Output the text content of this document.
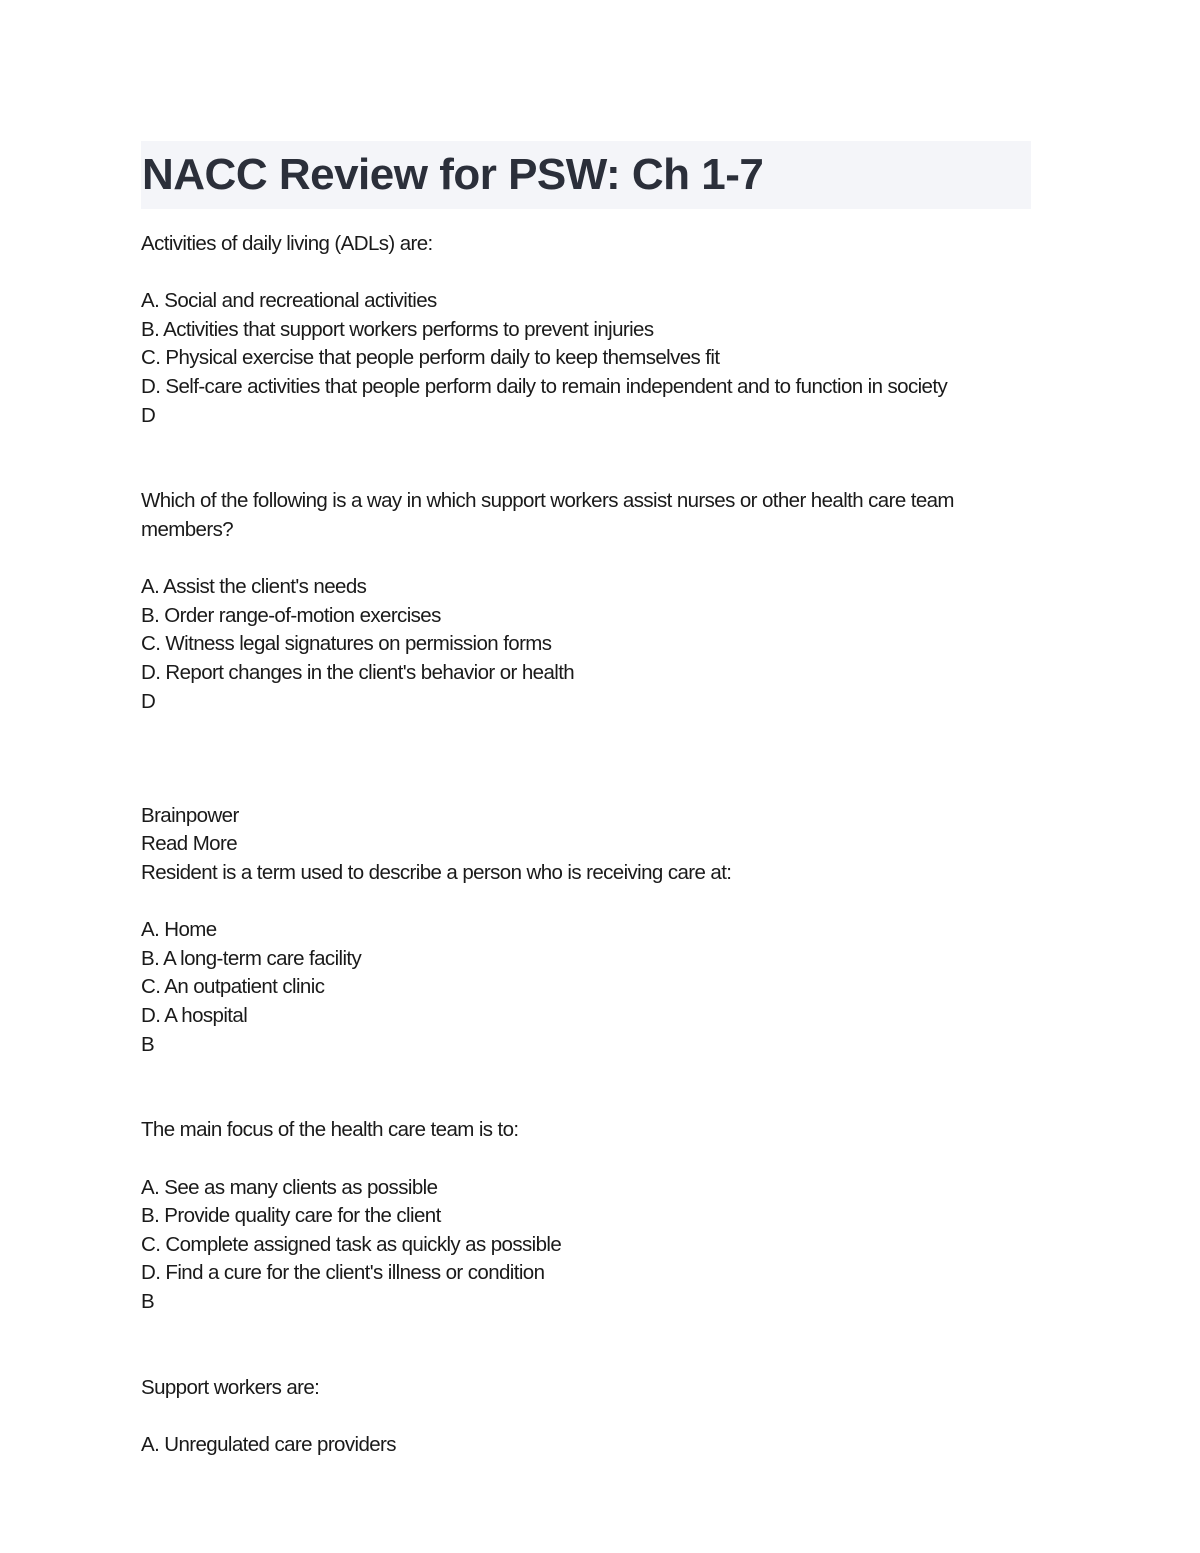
NACC Review for PSW: Ch 1-7
Activities of daily living (ADLs) are:
A. Social and recreational activities
B. Activities that support workers performs to prevent injuries
C. Physical exercise that people perform daily to keep themselves fit
D. Self-care activities that people perform daily to remain independent and to function in society
D
Which of the following is a way in which support workers assist nurses or other health care team members?
A. Assist the client's needs
B. Order range-of-motion exercises
C. Witness legal signatures on permission forms
D. Report changes in the client's behavior or health
D
Brainpower
Read More
Resident is a term used to describe a person who is receiving care at:
A. Home
B. A long-term care facility
C. An outpatient clinic
D. A hospital
B
The main focus of the health care team is to:
A. See as many clients as possible
B. Provide quality care for the client
C. Complete assigned task as quickly as possible
D. Find a cure for the client's illness or condition
B
Support workers are:
A. Unregulated care providers
